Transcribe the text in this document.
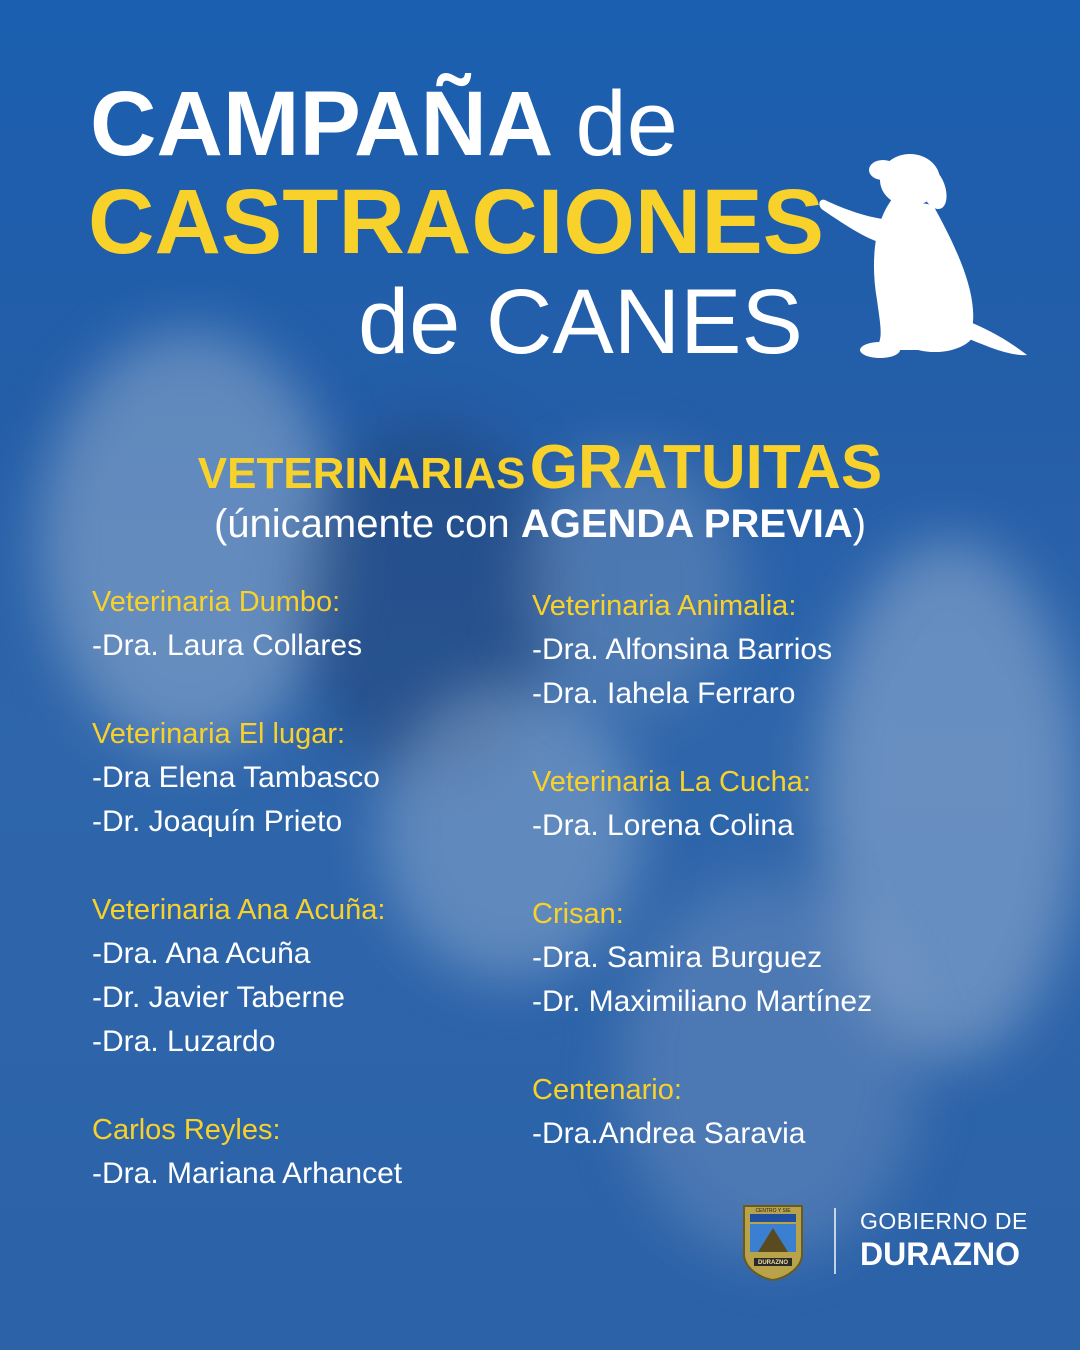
CAMPAÑA de
CASTRACIONES
de CANES
VETERINARIAS GRATUITAS
(únicamente con AGENDA PREVIA)
Veterinaria Dumbo:
-Dra. Laura Collares
Veterinaria El lugar:
-Dra Elena Tambasco
-Dr. Joaquín Prieto
Veterinaria Ana Acuña:
-Dra. Ana Acuña
-Dr. Javier Taberne
-Dra. Luzardo
Carlos Reyles:
-Dra. Mariana Arhancet
Veterinaria Animalia:
-Dra. Alfonsina Barrios
-Dra. Iahela Ferraro
Veterinaria La Cucha:
-Dra. Lorena Colina
Crisan:
-Dra. Samira Burguez
-Dr. Maximiliano Martínez
Centenario:
-Dra.Andrea Saravia
CENTRO Y SIE
DURAZNO
GOBIERNO DE
DURAZNO
